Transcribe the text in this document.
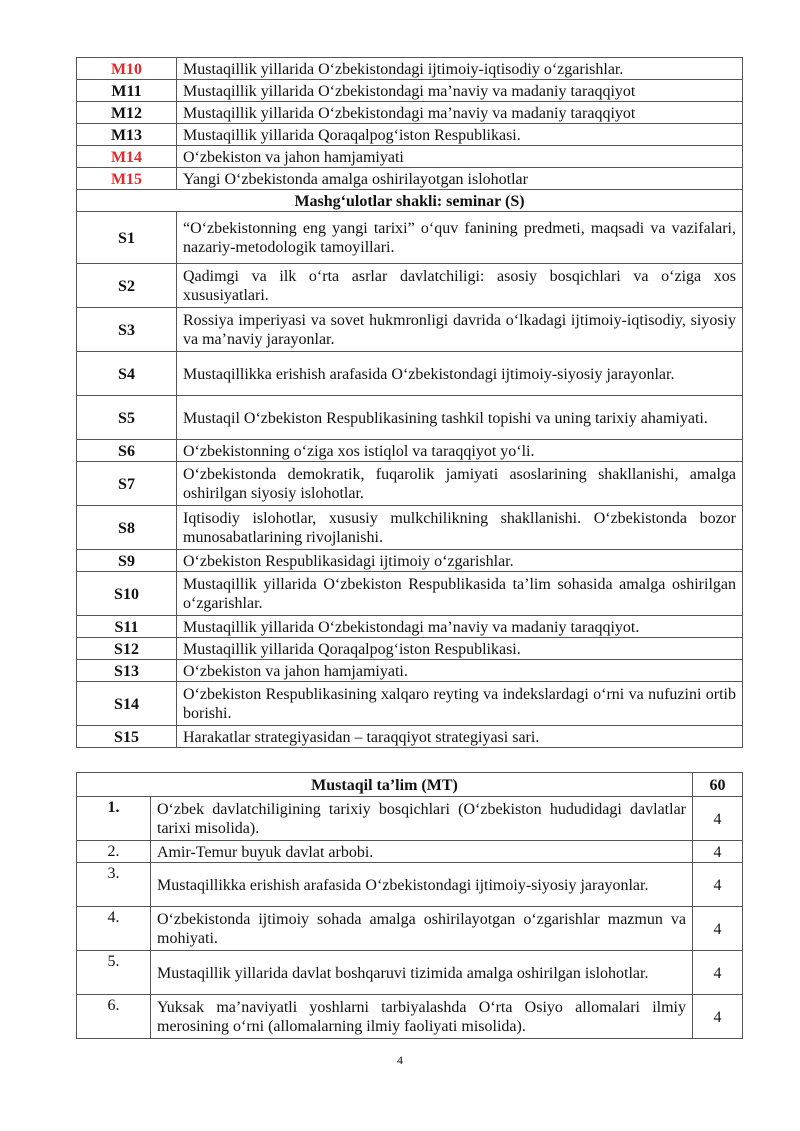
M10	Mustaqillik yillarida O‘zbekistondagi ijtimoiy-iqtisodiy o‘zgarishlar.
M11	Mustaqillik yillarida O‘zbekistondagi ma’naviy va madaniy taraqqiyot
M12	Mustaqillik yillarida O‘zbekistondagi ma’naviy va madaniy taraqqiyot
M13	Mustaqillik yillarida Qoraqalpog‘iston Respublikasi.
M14	O‘zbekiston va jahon hamjamiyati
M15	Yangi O‘zbekistonda amalga oshirilayotgan islohotlar
Mashg‘ulotlar shakli: seminar (S)	
S1	“O‘zbekistonning eng yangi tarixi” o‘quv fanining predmeti, maqsadi va vazifalari, nazariy-metodologik tamoyillari.
S2	Qadimgi va ilk o‘rta asrlar davlatchiligi: asosiy bosqichlari va o‘ziga xos xususiyatlari.
S3	Rossiya imperiyasi va sovet hukmronligi davrida o‘lkadagi ijtimoiy-iqtisodiy, siyosiy va ma’naviy jarayonlar.
S4	Mustaqillikka erishish arafasida O‘zbekistondagi ijtimoiy-siyosiy jarayonlar.
S5	Mustaqil O‘zbekiston Respublikasining tashkil topishi va uning tarixiy ahamiyati.
S6	O‘zbekistonning o‘ziga xos istiqlol va taraqqiyot yo‘li.
S7	O‘zbekistonda demokratik, fuqarolik jamiyati asoslarining shakllanishi, amalga oshirilgan siyosiy islohotlar.
S8	Iqtisodiy islohotlar, xususiy mulkchilikning shakllanishi. O‘zbekistonda bozor munosabatlarining rivojlanishi.
S9	O‘zbekiston Respublikasidagi ijtimoiy o‘zgarishlar.
S10	Mustaqillik yillarida O‘zbekiston Respublikasida ta’lim sohasida amalga oshirilgan o‘zgarishlar.
S11	Mustaqillik yillarida O‘zbekistondagi ma’naviy va madaniy taraqqiyot.
S12	Mustaqillik yillarida Qoraqalpog‘iston Respublikasi.
S13	O‘zbekiston va jahon hamjamiyati.
S14	O‘zbekiston Respublikasining xalqaro reyting va indekslardagi o‘rni va nufuzini ortib borishi.
S15	Harakatlar strategiyasidan – taraqqiyot strategiyasi sari.
Mustaqil ta’lim (MT)		60
1.	O‘zbek davlatchiligining tarixiy bosqichlari (O‘zbekiston hududidagi davlatlar tarixi misolida).	4
2.	Amir-Temur buyuk davlat arbobi.	4
3.	Mustaqillikka erishish arafasida O‘zbekistondagi ijtimoiy-siyosiy jarayonlar.	4
4.	O‘zbekistonda ijtimoiy sohada amalga oshirilayotgan o‘zgarishlar mazmun va mohiyati.	4
5.	Mustaqillik yillarida davlat boshqaruvi tizimida amalga oshirilgan islohotlar.	4
6.	Yuksak ma’naviyatli yoshlarni tarbiyalashda O‘rta Osiyo allomalari ilmiy merosining o‘rni (allomalarning ilmiy faoliyati misolida).	4
4
